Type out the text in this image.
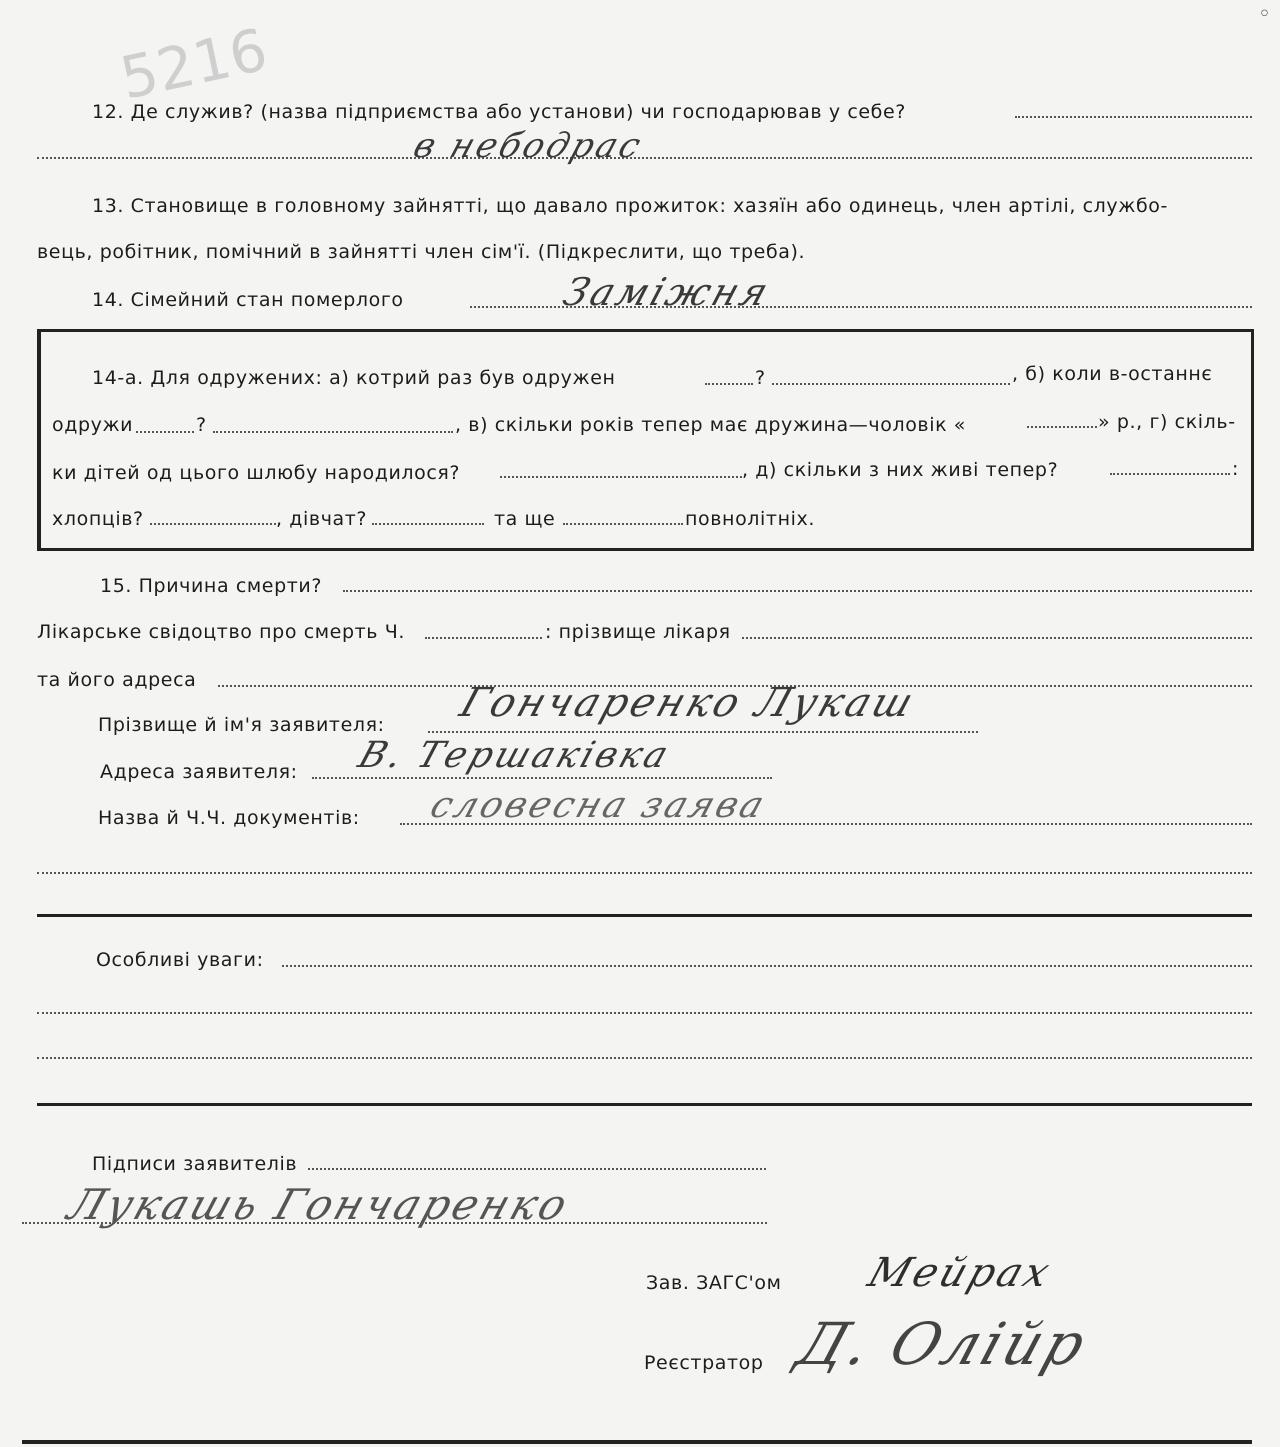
5216
◦
12. Де служив? (назва підприємства або установи) чи господарював у себе?
в небодрас
13. Становище в головному зайнятті, що давало прожиток: хазяїн або одинець, член артілі, службо-
вець, робітник, помічний в зайнятті член сім'ї. (Підкреслити, що треба).
14. Сімейний стан померлого	Заміжня
14-а. Для одружених: а) котрий раз був одружен	?	, б) коли в-останнє
одружи	?	, в) скільки років тепер має дружина—чоловік «	» р., г) скіль-
ки дітей од цього шлюбу народилося?	, д) скільки з них живі тепер?	:
хлопців?	, дівчат?	та ще	повнолітніх.
15. Причина смерти?
Лікарське свідоцтво про смерть Ч.	: прізвище лікаря
та його адреса
Прізвище й ім'я заявителя: Гончаренко Лукаш
Адреса заявителя: В. Тершаківка
Назва й Ч.Ч. документів: словесна заява
Особливі уваги:
Підписи заявителів
Лукашь Гончаренко
Зав. ЗАГС'ом Мейрах
Реєстратор Д. Олійр
